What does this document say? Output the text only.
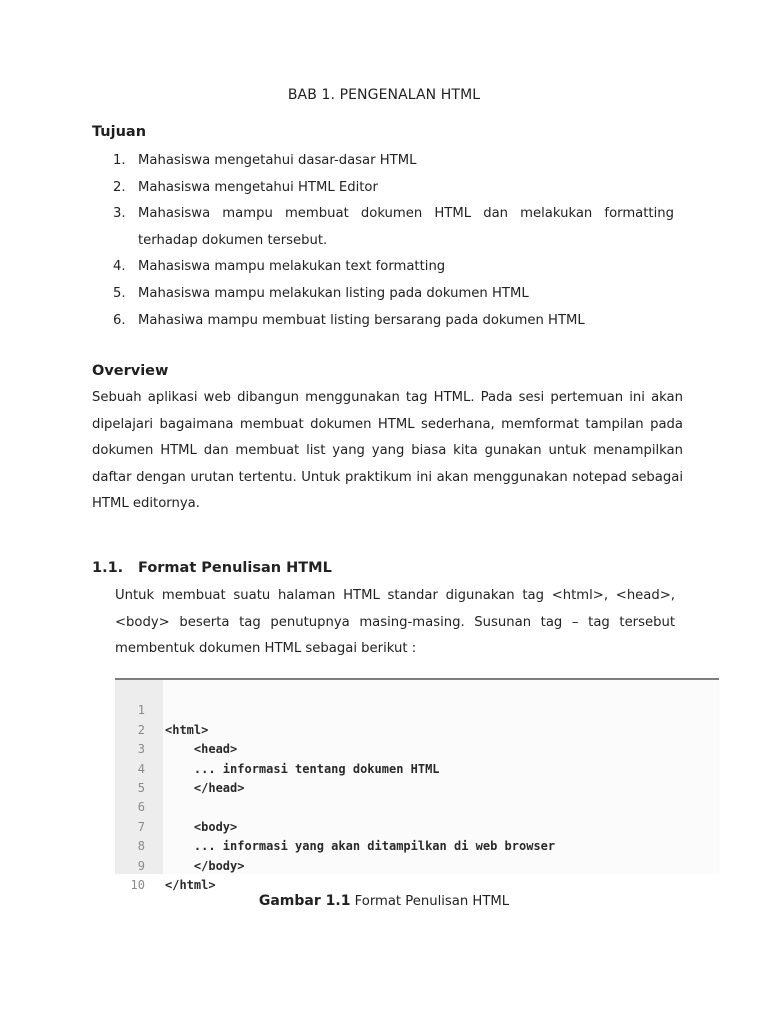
BAB 1. PENGENALAN HTML
Tujuan
1. Mahasiswa mengetahui dasar-dasar HTML
2. Mahasiswa mengetahui HTML Editor
3. Mahasiswa mampu membuat dokumen HTML dan melakukan formatting terhadap dokumen tersebut.
4. Mahasiswa mampu melakukan text formatting
5. Mahasiswa mampu melakukan listing pada dokumen HTML
6. Mahasiwa mampu membuat listing bersarang pada dokumen HTML
Overview

Sebuah aplikasi web dibangun menggunakan tag HTML. Pada sesi pertemuan ini akan dipelajari bagaimana membuat dokumen HTML sederhana, memformat tampilan pada dokumen HTML dan membuat list yang yang biasa kita gunakan untuk menampilkan daftar dengan urutan tertentu. Untuk praktikum ini akan menggunakan notepad sebagai HTML editornya.

1.1. Format Penulisan HTML

Untuk membuat suatu halaman HTML standar digunakan tag <html>, <head>, <body> beserta tag penutupnya masing-masing. Susunan tag – tag tersebut membentuk dokumen HTML sebagai berikut :

1

<html>

2

<head>

3

... informasi tentang dokumen HTML

4

</head>

5

6

<body>

7

... informasi yang akan ditampilkan di web browser

8

</body>

9

</html>

10

Gambar 1.1 Format Penulisan HTML
